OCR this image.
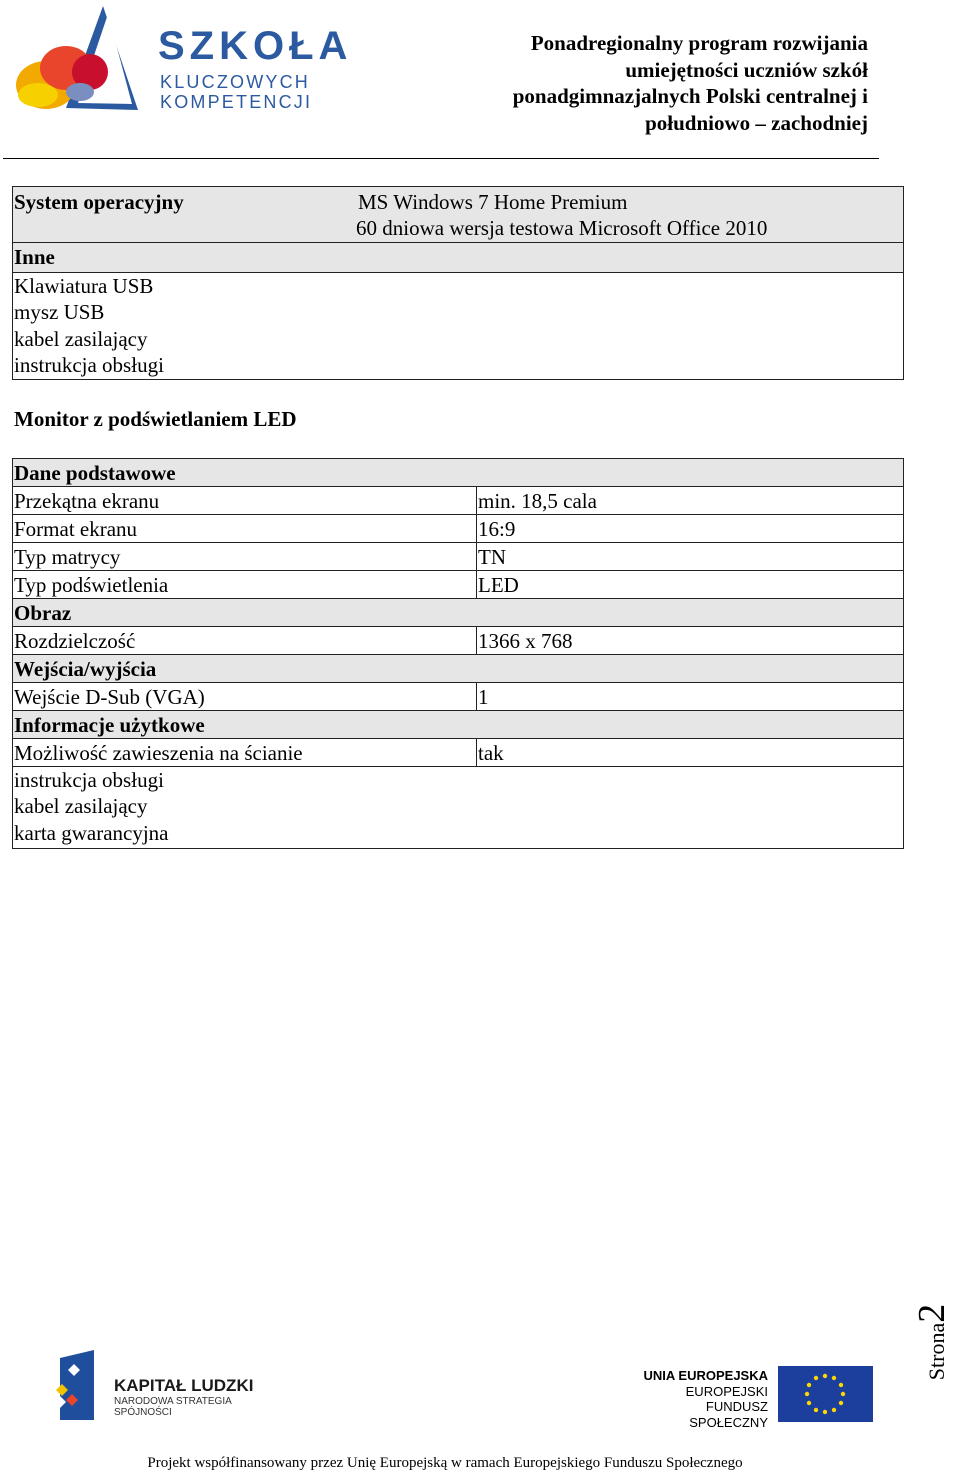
SZKOŁA
KLUCZOWYCH KOMPETENCJI
Ponadregionalny program rozwijania
umiejętności uczniów szkół
ponadgimnazjalnych Polski centralnej i
południowo – zachodniej
System operacyjny	MS Windows 7 Home Premium
60 dniowa wersja testowa Microsoft Office 2010
Inne
Klawiatura USB
mysz USB
kabel zasilający
instrukcja obsługi
Monitor z podświetlaniem LED
Dane podstawowe
Przekątna ekranu	min. 18,5 cala
Format ekranu	16:9
Typ matrycy	TN
Typ podświetlenia	LED
Obraz
Rozdzielczość	1366 x 768
Wejścia/wyjścia
Wejście D-Sub (VGA)	1
Informacje użytkowe
Możliwość zawieszenia na ścianie	tak
instrukcja obsługi
kabel zasilający
karta gwarancyjna
Strona2
KAPITAŁ LUDZKI
NARODOWA STRATEGIA SPÓJNOŚCI
UNIA EUROPEJSKA
EUROPEJSKI
FUNDUSZ SPOŁECZNY
Projekt współfinansowany przez Unię Europejską w ramach Europejskiego Funduszu Społecznego
